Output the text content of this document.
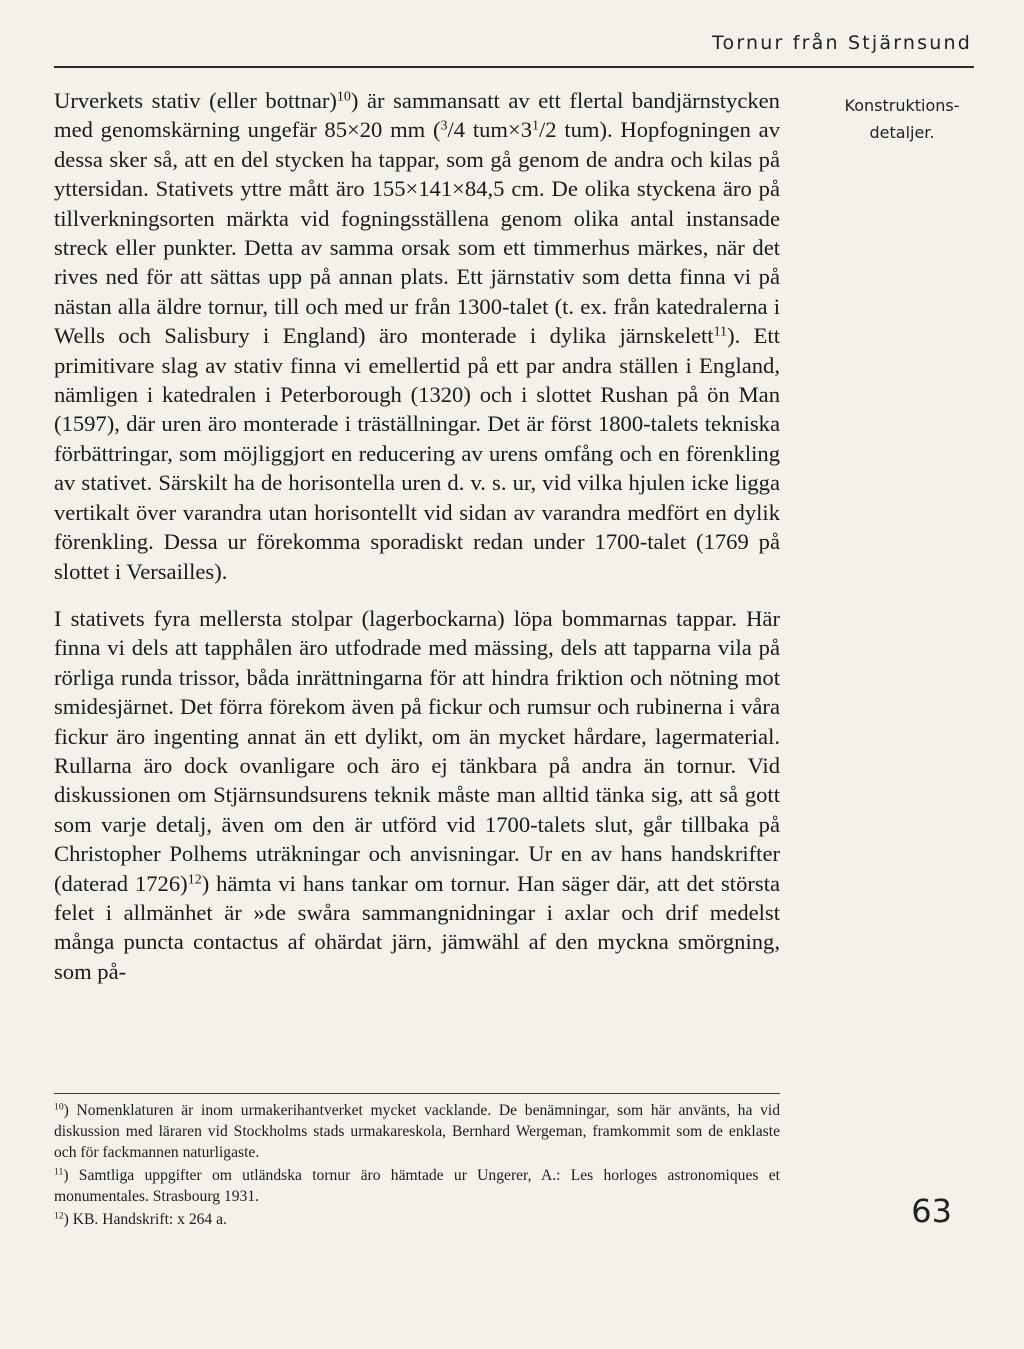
Tornur från Stjärnsund

Urverkets stativ (eller bottnar)$^{10}$) är sammansatt av ett flertal bandjärnstycken med genomskärning ungefär 85×20 mm ($^3$/4 $tum\times 3^1/2$ tum). Hopfogningen av dessa sker så, att en del stycken ha tappar, som gå genom de andra och kilas på yttersidan. Stativets yttre mått äro 155×141×84,5 cm. De olika styckena äro på tillverkningsorten märkta vid fogningsställena genom olika antal instansade streck eller punkter. Detta av samma orsak som ett timmerhus märkes, när det rives ned för att sättas upp på annan plats. Ett järnstativ som detta finna vi på nästan alla äldre tornur, till och med ur från 1300-talet (t. ex. från katedralerna i Wells och Salisbury i England) äro monterade i dylika järnskelett$^{11}$). Ett primitivare slag av stativ finna vi emellertid på ett par andra ställen i England, nämligen i katedralen i Peterborough (1320) och i slottet Rushan på ön Man (1597), där uren äro monterade i träställningar. Det är först 1800-talets tekniska förbättringar, som möjliggjort en reducering av urens omfång och en förenkling av stativet. Särskilt ha de horisontella uren d. v. s. ur, vid vilka hjulen icke ligga vertikalt över varandra utan horisontellt vid sidan av varandra medfört en dylik förenkling. Dessa ur förekomma sporadiskt redan under 1700-talet (1769 på slottet i Versailles).

I stativets fyra mellersta stolpar (lagerbockarna) löpa bommarnas tappar. Här finna vi dels att tapphålen äro utfodrade med mässing, dels att tapparna vila på rörliga runda trissor, båda inrättningarna för att hindra friktion och nötning mot smidesjärnet. Det förra förekom även på fickur och rumsur och rubinerna i våra fickur äro ingenting annat än ett dylikt, om än mycket hårdare, lagermaterial. Rullarna äro dock ovanligare och äro ej tänkbara på andra än tornur. Vid diskussionen om Stjärnsundsurens teknik måste man alltid tänka sig, att så gott som varje detalj, även om den är utförd vid 1700-talets slut, går tillbaka på Christopher Polhems uträkningar och anvisningar. Ur en av hans handskrifter (daterad 1726)$^{12}$) hämta vi hans tankar om tornur. Han säger där, att det största felet i allmänhet är »de swåra sammangnidningar i axlar och drif medelst många puncta contactus af ohärdat järn, jämwähl af den myckna smörgning, som på-

Konstruktions-
detaljer.

$^{10}$) Nomenklaturen är inom urmakerihantverket mycket vacklande. De benämningar, som här använts, ha vid diskussion med läraren vid Stockholms stads urmakareskola, Bernhard Wergeman, framkommit som de enklaste och för fackmannen naturligaste.

$^{11}$) Samtliga uppgifter om utländska tornur äro hämtade ur Ungerer, A.: Les horloges astronomiques et monumentales. Strasbourg 1931.

$^{12}$) KB. Handskrift: x 264 a.	63
